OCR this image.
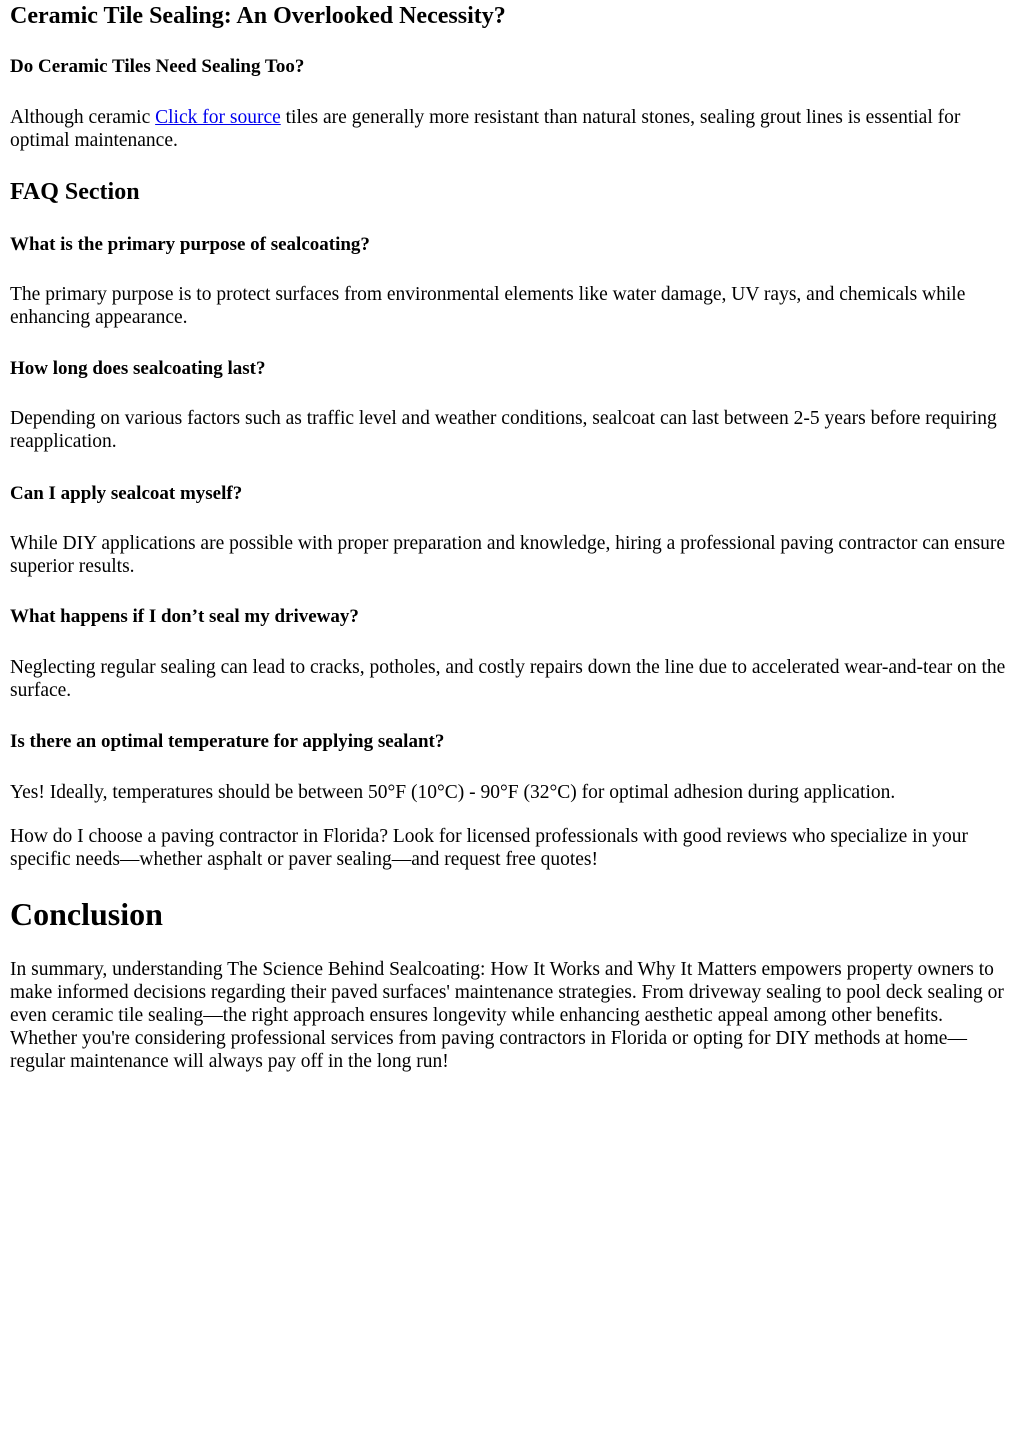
Ceramic Tile Sealing: An Overlooked Necessity?
Do Ceramic Tiles Need Sealing Too?

Although ceramic Click for source tiles are generally more resistant than natural stones, sealing grout lines is essential for optimal maintenance.

FAQ Section
What is the primary purpose of sealcoating?

The primary purpose is to protect surfaces from environmental elements like water damage, UV rays, and chemicals while enhancing appearance.

How long does sealcoating last?

Depending on various factors such as traffic level and weather conditions, sealcoat can last between 2-5 years before requiring reapplication.

Can I apply sealcoat myself?

While DIY applications are possible with proper preparation and knowledge, hiring a professional paving contractor can ensure superior results.

What happens if I don’t seal my driveway?

Neglecting regular sealing can lead to cracks, potholes, and costly repairs down the line due to accelerated wear-and-tear on the surface.

Is there an optimal temperature for applying sealant?

Yes! Ideally, temperatures should be between 50°F (10°C) - 90°F (32°C) for optimal adhesion during application.

How do I choose a paving contractor in Florida? Look for licensed professionals with good reviews who specialize in your specific needs—whether asphalt or paver sealing—and request free quotes!

Conclusion

In summary, understanding The Science Behind Sealcoating: How It Works and Why It Matters empowers property owners to make informed decisions regarding their paved surfaces' maintenance strategies. From driveway sealing to pool deck sealing or even ceramic tile sealing—the right approach ensures longevity while enhancing aesthetic appeal among other benefits. Whether you're considering professional services from paving contractors in Florida or opting for DIY methods at home—regular maintenance will always pay off in the long run!
